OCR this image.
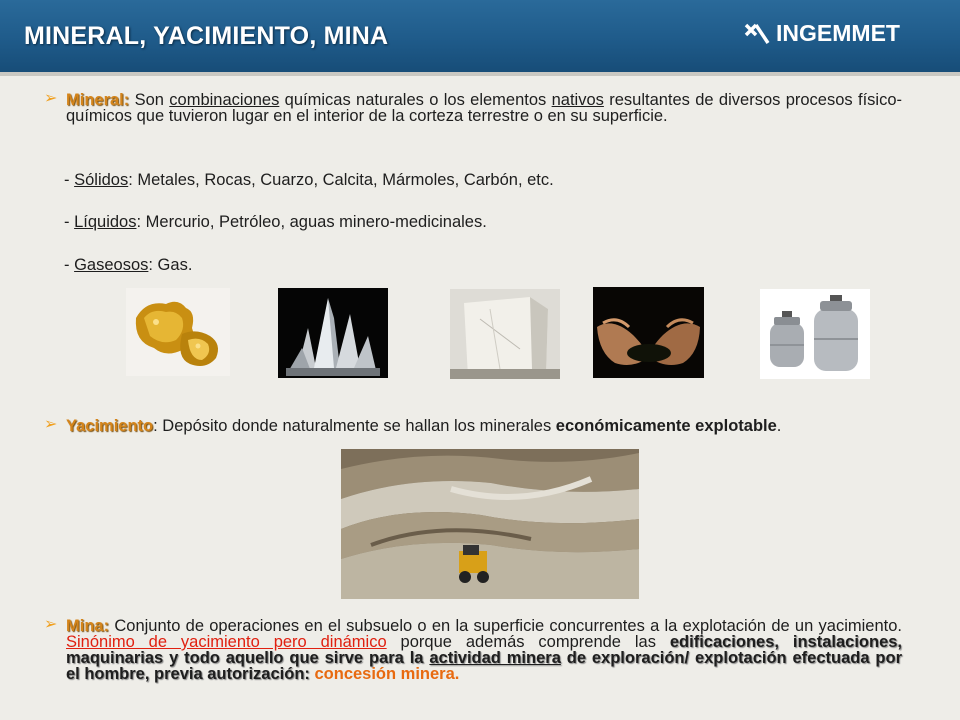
MINERAL, YACIMIENTO, MINA	INGEMMET
➢ Mineral: Son combinaciones químicas naturales o los elementos nativos resultantes de diversos procesos físico-químicos que tuvieron lugar en el interior de la corteza terrestre o en su superficie.
- Sólidos: Metales, Rocas, Cuarzo, Calcita, Mármoles, Carbón, etc.
- Líquidos: Mercurio, Petróleo, aguas minero-medicinales.
- Gaseosos: Gas.
➢ Yacimiento: Depósito donde naturalmente se hallan los minerales económicamente explotable.
➢ Mina: Conjunto de operaciones en el subsuelo o en la superficie concurrentes a la explotación de un yacimiento. Sinónimo de yacimiento pero dinámico porque además comprende las edificaciones, instalaciones, maquinarias y todo aquello que sirve para la actividad minera de exploración/ explotación efectuada por el hombre, previa autorización: concesión minera.
